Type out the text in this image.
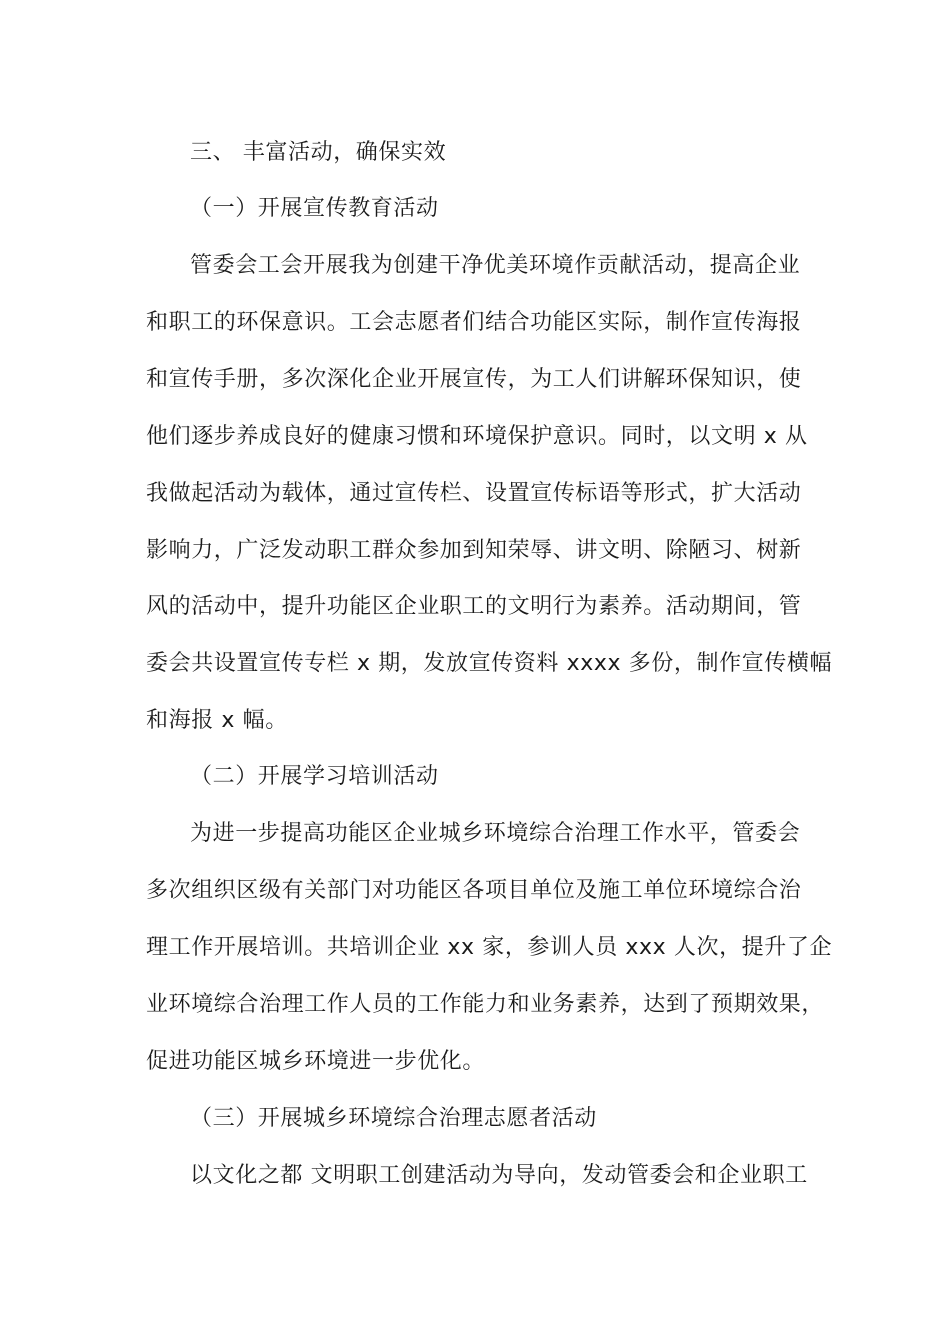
三、 丰富活动，确保实效
（一）开展宣传教育活动
管委会工会开展我为创建干净优美环境作贡献活动，提高企业
和职工的环保意识。工会志愿者们结合功能区实际，制作宣传海报
和宣传手册，多次深化企业开展宣传，为工人们讲解环保知识，使
他们逐步养成良好的健康习惯和环境保护意识。同时，以文明 x 从
我做起活动为载体，通过宣传栏、设置宣传标语等形式，扩大活动
影响力，广泛发动职工群众参加到知荣辱、讲文明、除陋习、树新
风的活动中，提升功能区企业职工的文明行为素养。活动期间，管
委会共设置宣传专栏 x 期，发放宣传资料 xxxx 多份，制作宣传横幅
和海报 x 幅。
（二）开展学习培训活动
为进一步提高功能区企业城乡环境综合治理工作水平，管委会
多次组织区级有关部门对功能区各项目单位及施工单位环境综合治
理工作开展培训。共培训企业 xx 家，参训人员 xxx 人次，提升了企
业环境综合治理工作人员的工作能力和业务素养，达到了预期效果，
促进功能区城乡环境进一步优化。
（三）开展城乡环境综合治理志愿者活动
以文化之都 文明职工创建活动为导向，发动管委会和企业职工
